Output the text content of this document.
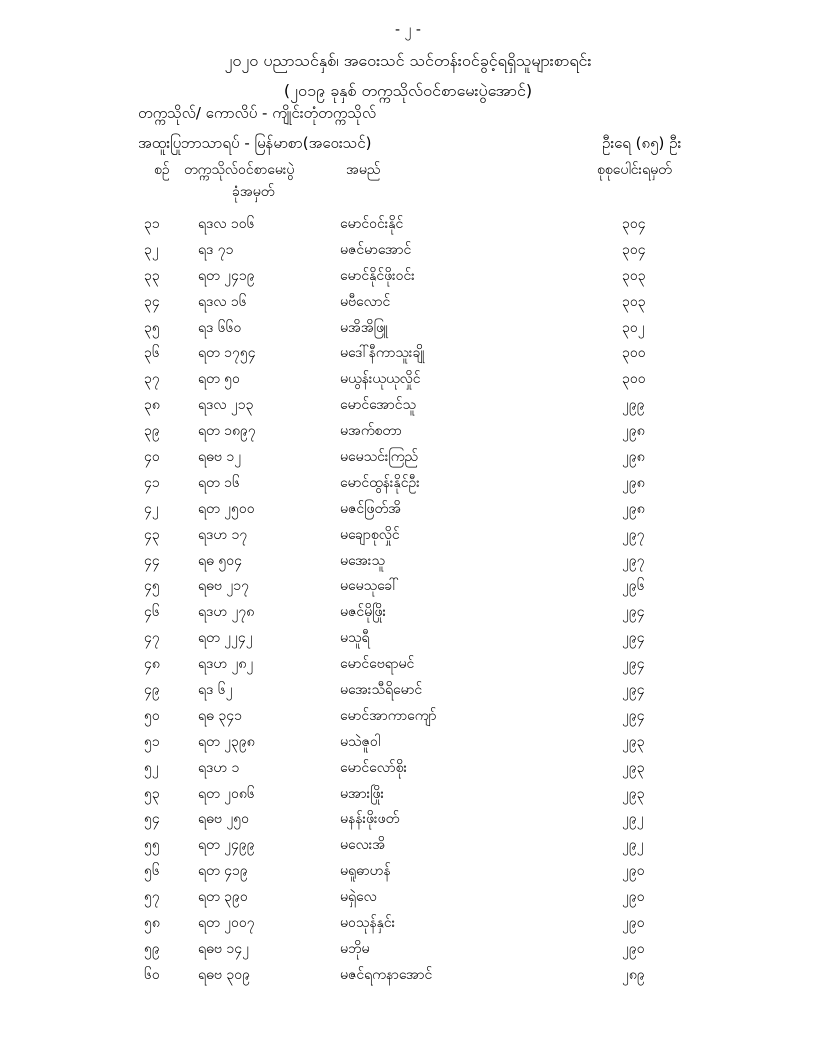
- ၂ -
၂၀၂၀ ပညာသင်နှစ်၊ အဝေးသင် သင်တန်းဝင်ခွင့်ရရှိသူများစာရင်း
(၂၀၁၉ ခုနှစ် တက္ကသိုလ်ဝင်စာမေးပွဲအောင်)
တက္ကသိုလ်/ ကောလိပ် - ကျိုင်းတုံတက္ကသိုလ်
အထူးပြုဘာသာရပ် - မြန်မာစာ(အဝေးသင်)	ဦးရေ (၈၅) ဦး
စဉ် တက္ကသိုလ်ဝင်စာမေးပွဲ
ခုံအမှတ်
အမည်	စုစုပေါင်းရမှတ်
၃၁	ရဒလ ၁၀၆	မောင်ဝင်းနိုင်	၃၀၄
၃၂	ရဒ ၇၁	မဇင်မာအောင်	၃၀၄
၃၃	ရတ ၂၄၁၉	မောင်နိုင်ဖိုးဝင်း	၃၀၃
၃၄	ရဒလ ၁၆	မဗီလောင်	၃၀၃
၃၅	ရဒ ၆၆၀	မအိအိဖြူ	၃၀၂
၃၆	ရတ ၁၇၅၄	မဒေါ်နီကာသူးချို	၃၀၀
၃၇	ရတ ၅၀	မယွန်းယုယုလှိုင်	၃၀၀
၃၈	ရဒလ ၂၁၃	မောင်အောင်သူ	၂၉၉
၃၉	ရတ ၁၈၉၇	မအက်စတာ	၂၉၈
၄၀	ရဓဗ ၁၂	မမေသင်းကြည်	၂၉၈
၄၁	ရတ ၁၆	မောင်ထွန်းနိုင်ဦး	၂၉၈
၄၂	ရတ ၂၅၀၀	မဇင်ဖြတ်အိ	၂၉၈
၄၃	ရဒဟ ၁၇	မချောစုလှိုင်	၂၉၇
၄၄	ရဓ ၅၀၄	မအေးသူ	၂၉၇
၄၅	ရဓဗ ၂၁၇	မမေသုခေါ်	၂၉၆
၄၆	ရဒဟ ၂၇၈	မဇင်မိုဖြိုး	၂၉၄
၄၇	ရတ ၂၂၄၂	မသူရီ	၂၉၄
၄၈	ရဒဟ ၂၈၂	မောင်ဗေရာမင်	၂၉၄
၄၉	ရဒ ၆၂	မအေးသီရိမောင်	၂၉၄
၅၀	ရဓ ၃၄၁	မောင်အာကာကျော်	၂၉၄
၅၁	ရတ ၂၃၉၈	မသဲဇူဝါ	၂၉၃
၅၂	ရဒဟ ၁	မောင်လော်စိုး	၂၉၃
၅၃	ရတ ၂၀၈၆	မအားဖြိုး	၂၉၃
၅၄	ရဓဗ ၂၅၀	မနန်းဖိုးဖတ်	၂၉၂
၅၅	ရတ ၂၄၉၉	မလေးအိ	၂၉၂
၅၆	ရတ ၄၁၉	မရူဓာဟန်	၂၉၀
၅၇	ရတ ၃၉၀	မရှဲလေ	၂၉၀
၅၈	ရတ ၂၀၀၇	မဝသုန်နှင်း	၂၉၀
၅၉	ရဓဗ ၁၄၂	မဘိုမ	၂၉၀
၆၀	ရဓဗ ၃၀၉	မဇင်ရကနာအောင်	၂၈၉
